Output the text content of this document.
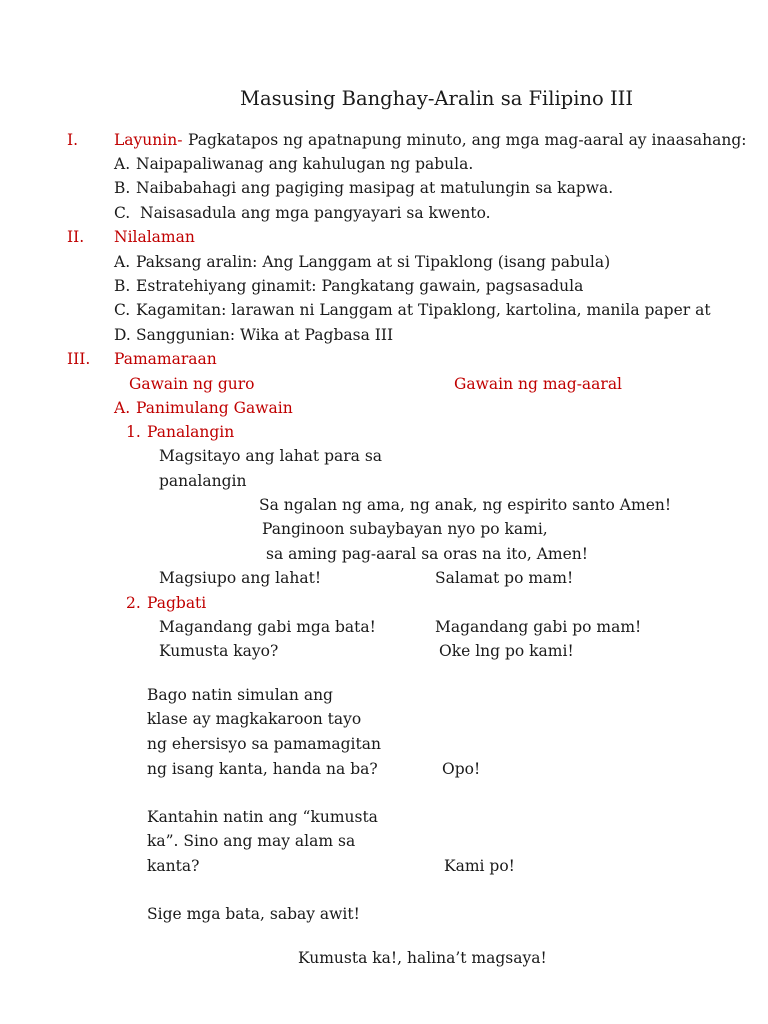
Masusing Banghay-Aralin sa Filipino III
I. Layunin- Pagkatapos ng apatnapung minuto, ang mga mag-aaral ay inaasahang:
A. Naipapaliwanag ang kahulugan ng pabula.
B. Naibabahagi ang pagiging masipag at matulungin sa kapwa.
C. Naisasadula ang mga pangyayari sa kwento.
II. Nilalaman
A. Paksang aralin: Ang Langgam at si Tipaklong (isang pabula)
B. Estratehiyang ginamit: Pangkatang gawain, pagsasadula
C. Kagamitan: larawan ni Langgam at Tipaklong, kartolina, manila paper at
D. Sanggunian: Wika at Pagbasa III
III. Pamamaraan
Gawain ng guro	Gawain ng mag-aaral
A. Panimulang Gawain
1. Panalangin
Magsitayo ang lahat para sa
panalangin
Sa ngalan ng ama, ng anak, ng espirito santo Amen!
Panginoon subaybayan nyo po kami,
sa aming pag-aaral sa oras na ito, Amen!
Magsiupo ang lahat!	Salamat po mam!
2. Pagbati
Magandang gabi mga bata!	Magandang gabi po mam!
Kumusta kayo?	Oke lng po kami!
Bago natin simulan ang
klase ay magkakaroon tayo
ng ehersisyo sa pamamagitan
ng isang kanta, handa na ba?	Opo!
Kantahin natin ang “kumusta
ka”. Sino ang may alam sa
kanta?	Kami po!
Sige mga bata, sabay awit!
Kumusta ka!, halina’t magsaya!
